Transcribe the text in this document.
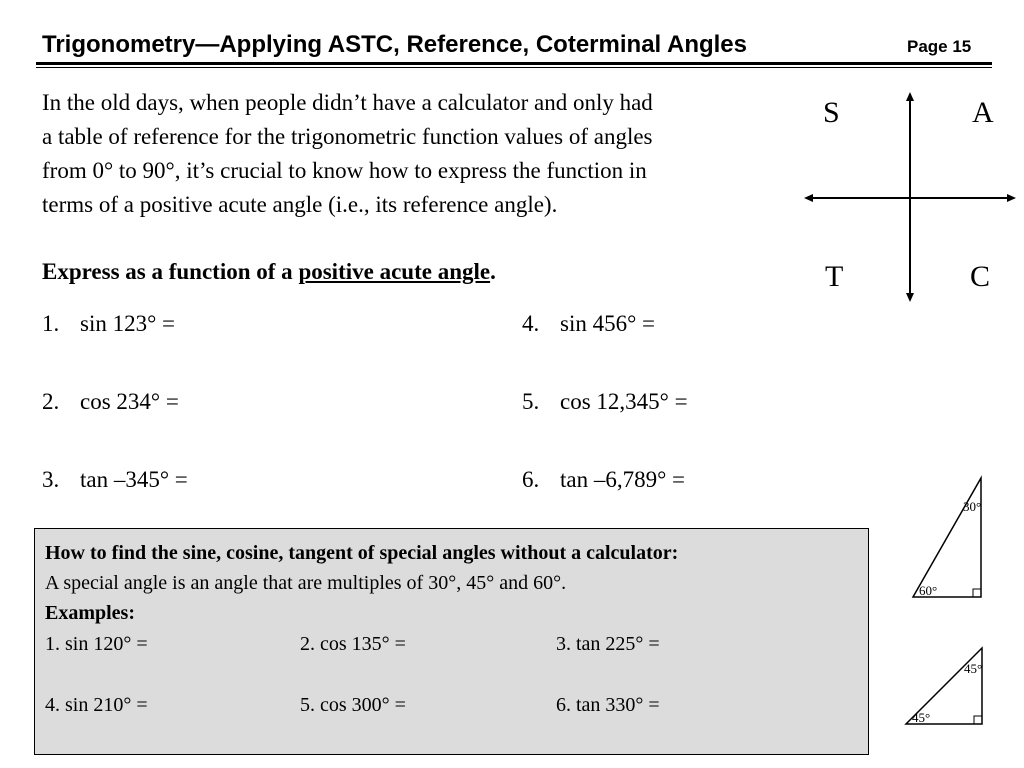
Trigonometry—Applying ASTC, Reference, Coterminal Angles	Page 15

In the old days, when people didn’t have a calculator and only had

a table of reference for the trigonometric function values of angles

from 0° to 90°, it’s crucial to know how to express the function in

terms of a positive acute angle (i.e., its reference angle).

Express as a function of a positive acute angle.
1. sin 123° =
2. cos 234° =
3. tan –345° =
4. sin 456° =
5. cos 12,345° =
6. tan –6,789° =
S	A
T	C
How to find the sine, cosine, tangent of special angles without a calculator:
A special angle is an angle that are multiples of 30°, 45° and 60°.
Examples:
1. sin 120° =	2. cos 135° =	3. tan 225° =
4. sin 210° =	5. cos 300° =	6. tan 330° =
30°
60°
45°
45°
